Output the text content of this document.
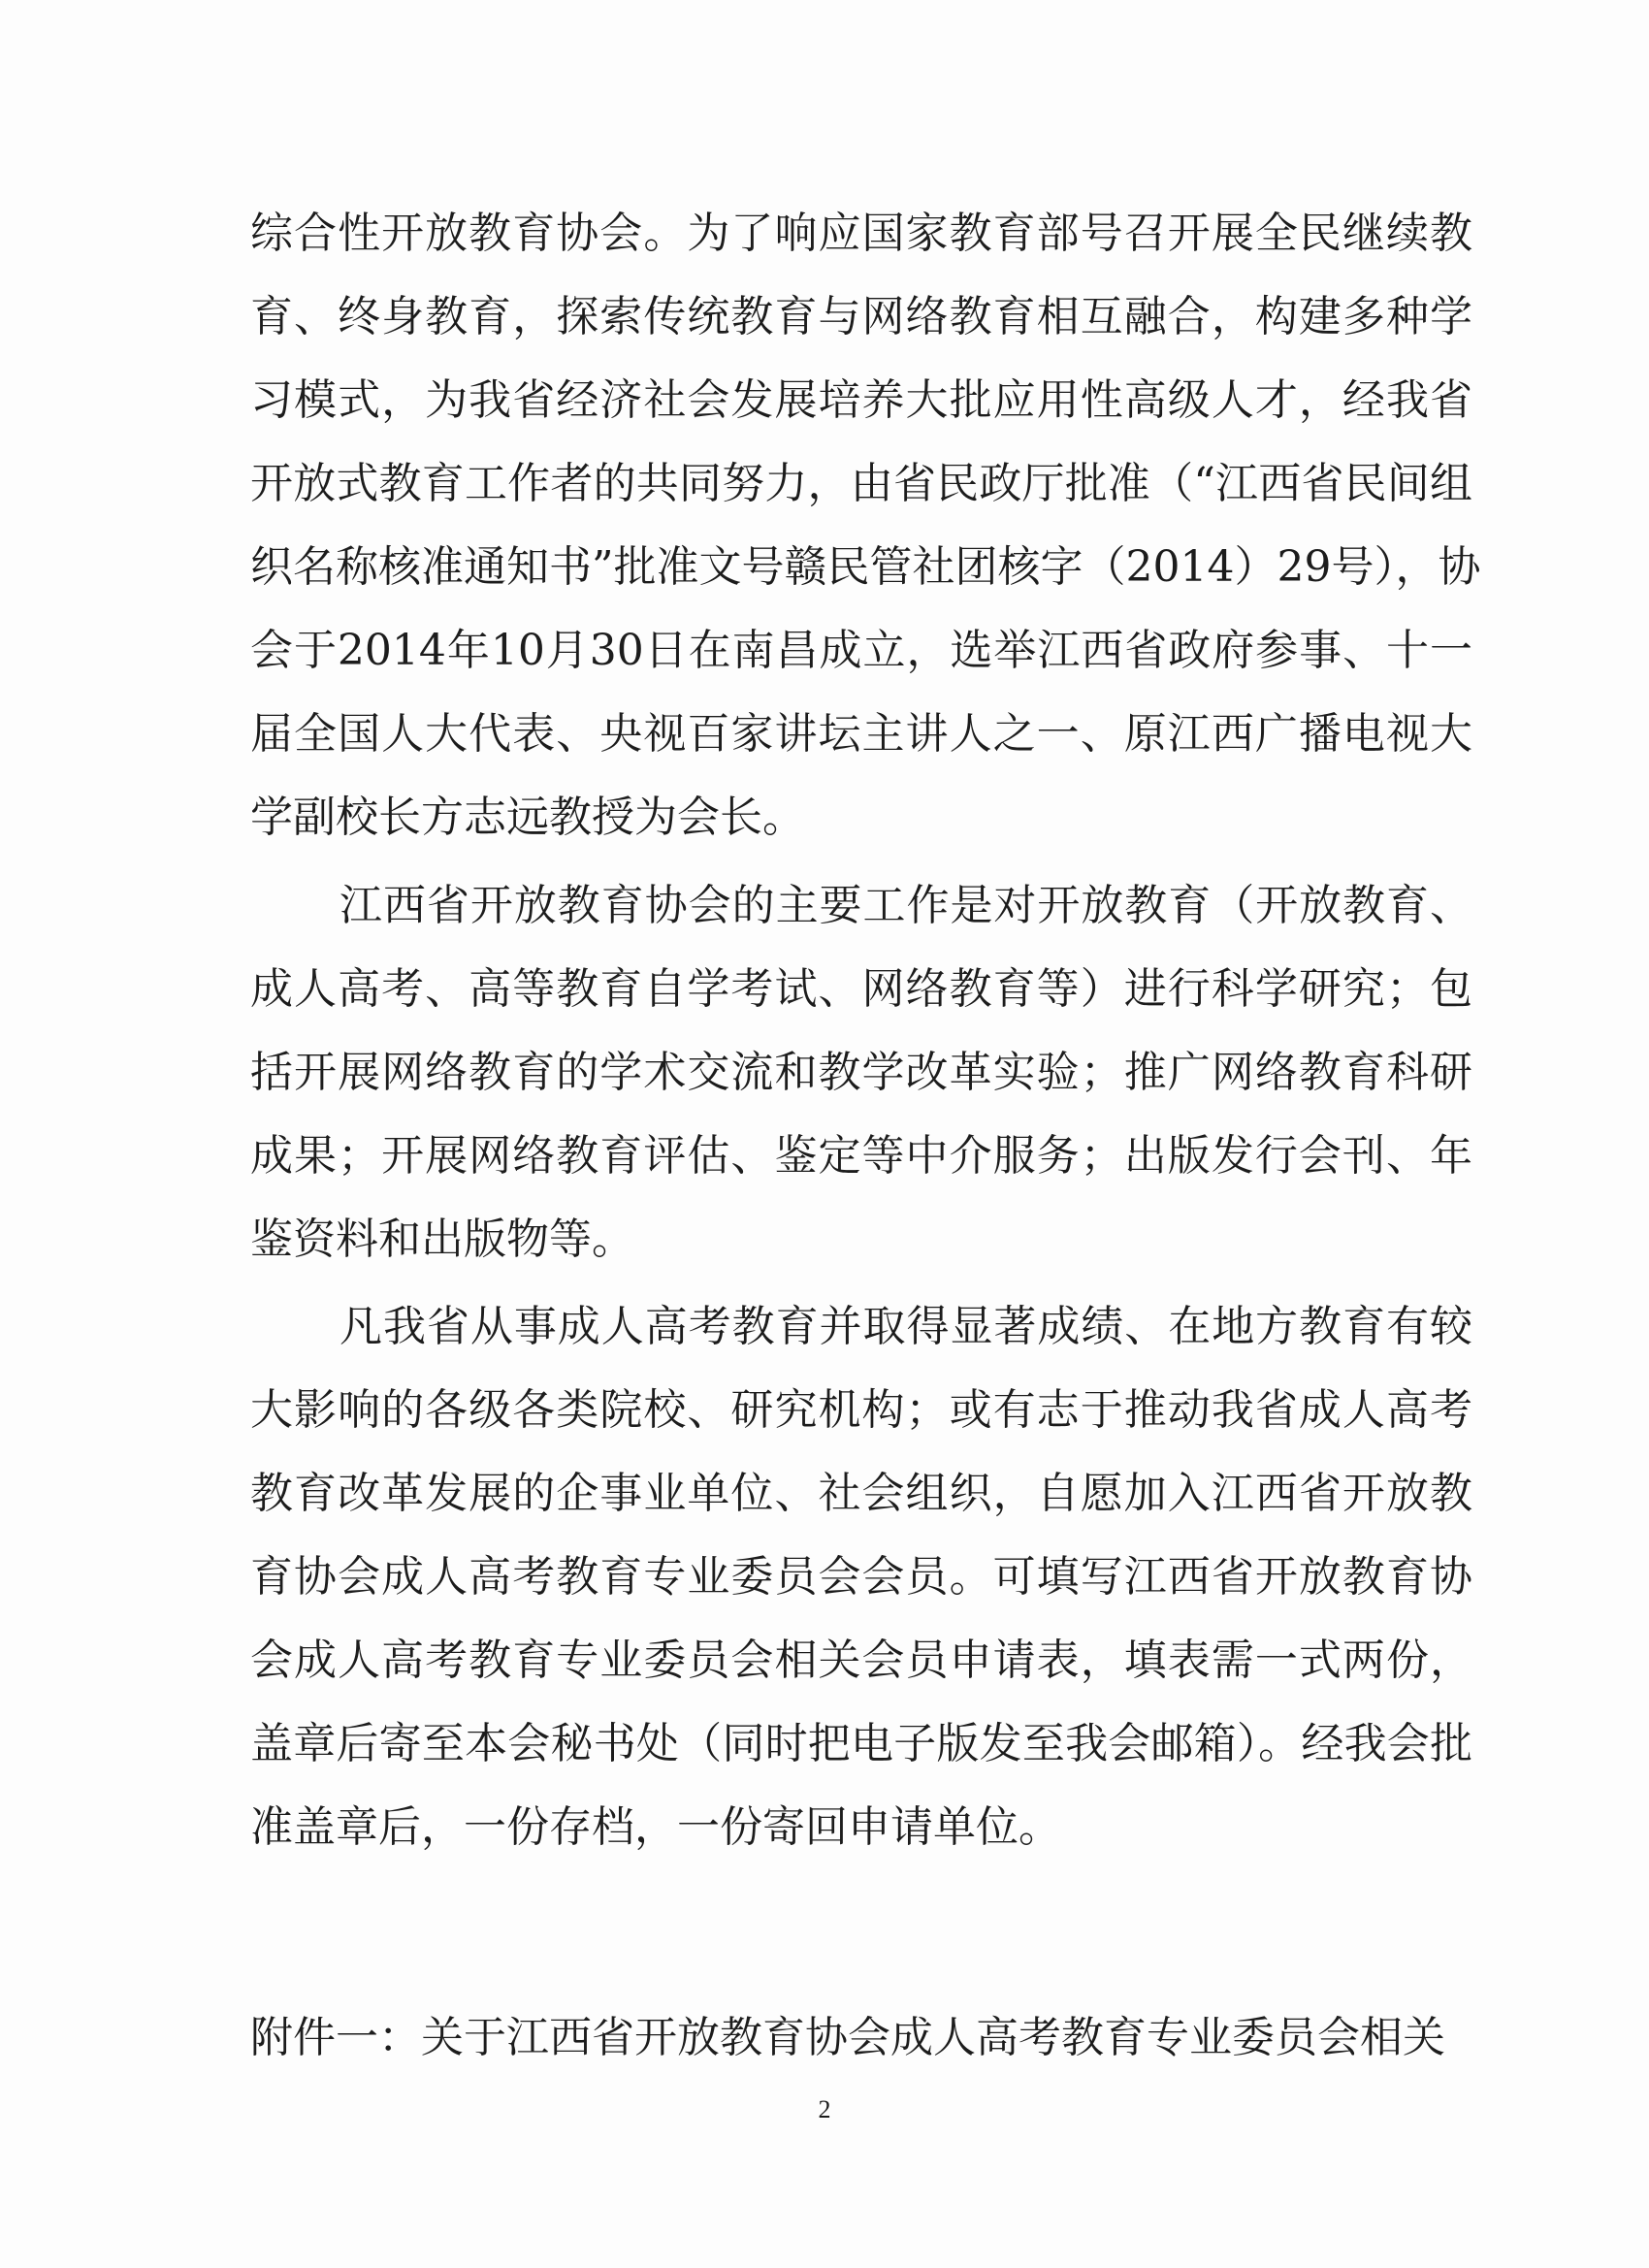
综合性开放教育协会。为了响应国家教育部号召开展全民继续教
育、终身教育，探索传统教育与网络教育相互融合，构建多种学
习模式，为我省经济社会发展培养大批应用性高级人才，经我省
开放式教育工作者的共同努力，由省民政厅批准（“江西省民间组
织名称核准通知书”批准文号赣民管社团核字（2014）29号），协
会于2014年10月30日在南昌成立，选举江西省政府参事、十一
届全国人大代表、央视百家讲坛主讲人之一、原江西广播电视大
学副校长方志远教授为会长。
江西省开放教育协会的主要工作是对开放教育（开放教育、
成人高考、高等教育自学考试、网络教育等）进行科学研究；包
括开展网络教育的学术交流和教学改革实验；推广网络教育科研
成果；开展网络教育评估、鉴定等中介服务；出版发行会刊、年
鉴资料和出版物等。
凡我省从事成人高考教育并取得显著成绩、在地方教育有较
大影响的各级各类院校、研究机构；或有志于推动我省成人高考
教育改革发展的企事业单位、社会组织，自愿加入江西省开放教
育协会成人高考教育专业委员会会员。可填写江西省开放教育协
会成人高考教育专业委员会相关会员申请表，填表需一式两份，
盖章后寄至本会秘书处（同时把电子版发至我会邮箱）。经我会批
准盖章后，一份存档，一份寄回申请单位。
附件一：关于江西省开放教育协会成人高考教育专业委员会相关
2
